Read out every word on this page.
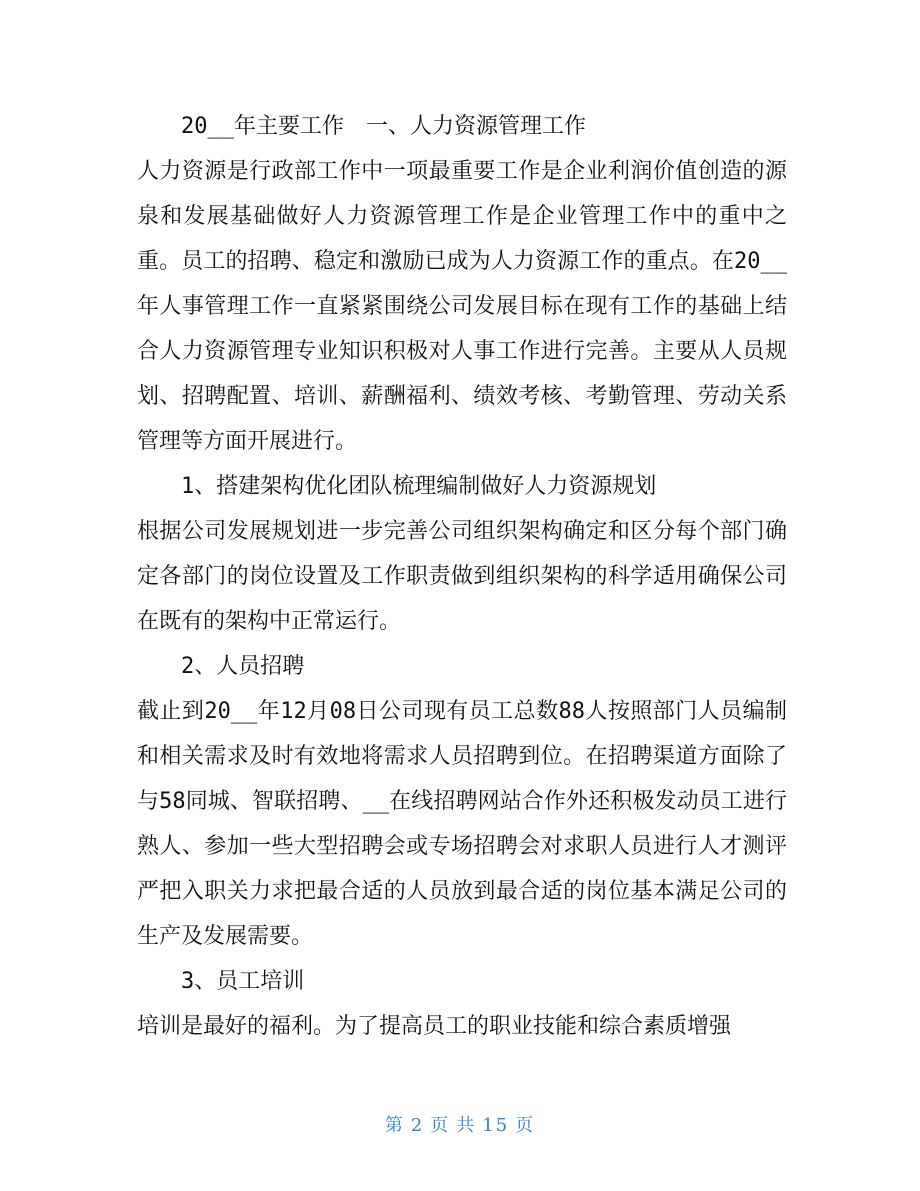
20__年主要工作　一、人力资源管理工作

人力资源是行政部工作中一项最重要工作是企业利润价值创造的源泉和发展基础做好人力资源管理工作是企业管理工作中的重中之重。员工的招聘、稳定和激励已成为人力资源工作的重点。在20__年人事管理工作一直紧紧围绕公司发展目标在现有工作的基础上结合人力资源管理专业知识积极对人事工作进行完善。主要从人员规划、招聘配置、培训、薪酬福利、绩效考核、考勤管理、劳动关系管理等方面开展进行。

1、搭建架构优化团队梳理编制做好人力资源规划

根据公司发展规划进一步完善公司组织架构确定和区分每个部门确定各部门的岗位设置及工作职责做到组织架构的科学适用确保公司在既有的架构中正常运行。

2、人员招聘

截止到20__年12月08日公司现有员工总数88人按照部门人员编制和相关需求及时有效地将需求人员招聘到位。在招聘渠道方面除了与58同城、智联招聘、__在线招聘网站合作外还积极发动员工进行熟人、参加一些大型招聘会或专场招聘会对求职人员进行人才测评严把入职关力求把最合适的人员放到最合适的岗位基本满足公司的生产及发展需要。

3、员工培训

培训是最好的福利。为了提高员工的职业技能和综合素质增强

第 2 页 共 15 页
